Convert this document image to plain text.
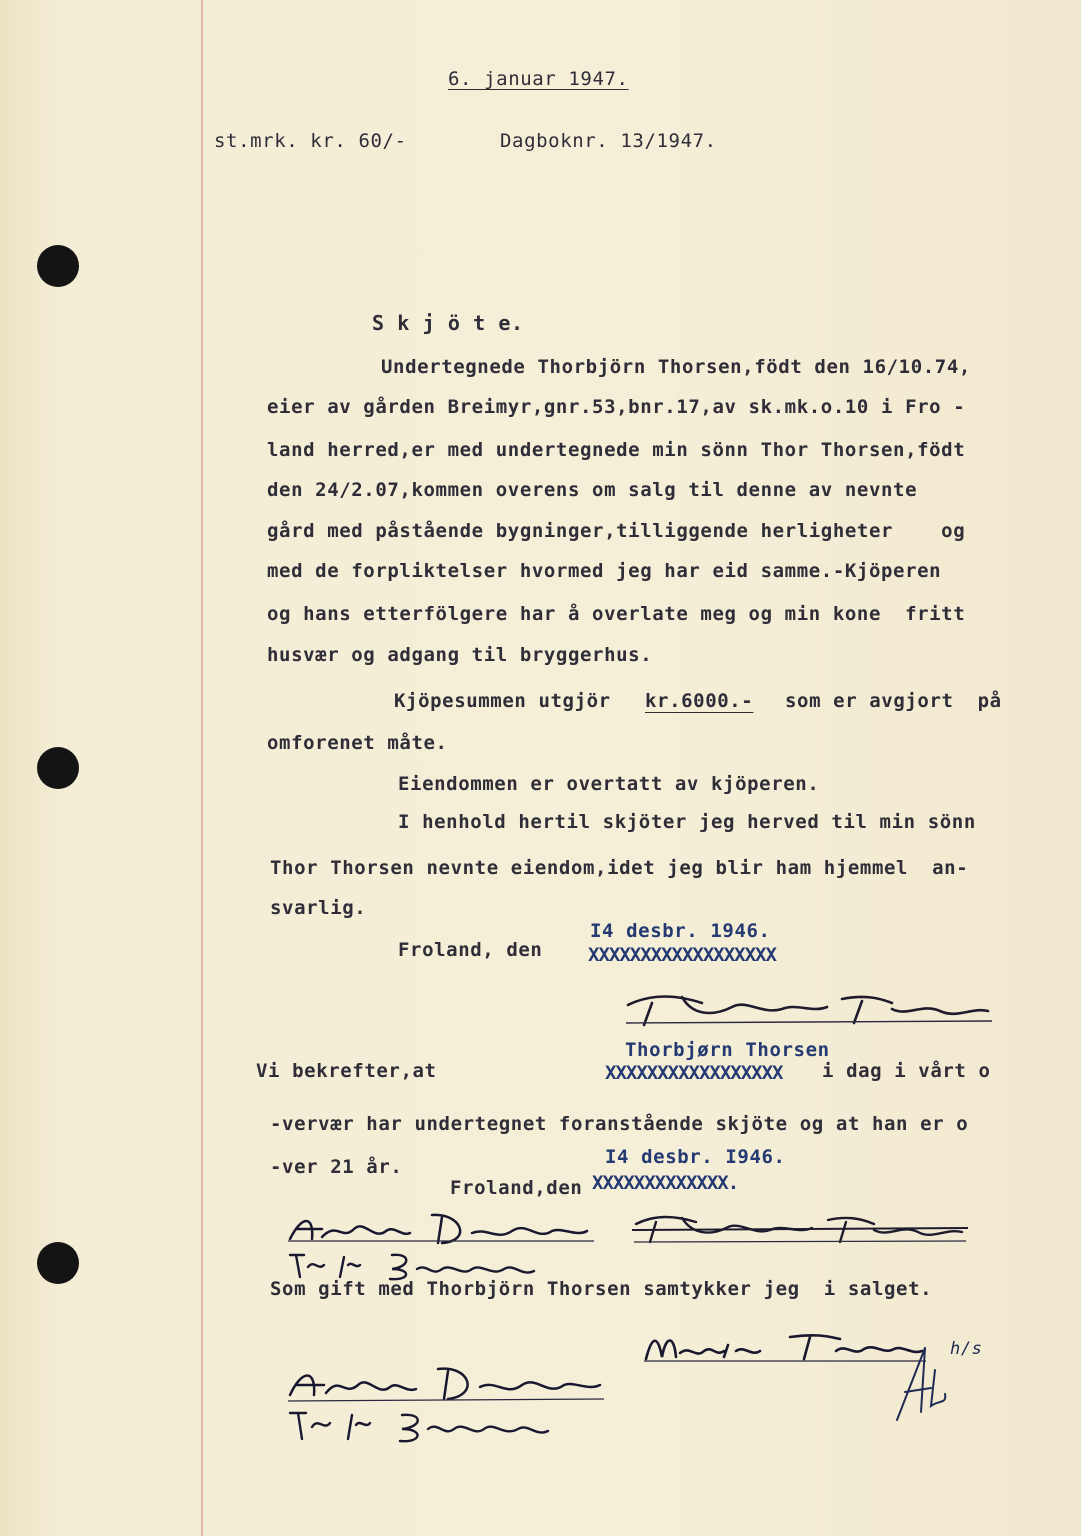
6. januar 1947.
st.mrk. kr. 60/-	Dagboknr. 13/1947.
S k j ö t e.
Undertegnede Thorbjörn Thorsen,födt den 16/10.74,
eier av gården Breimyr,gnr.53,bnr.17,av sk.mk.o.10 i Fro -
land herred,er med undertegnede min sönn Thor Thorsen,födt
den 24/2.07,kommen overens om salg til denne av nevnte
gård med påstående bygninger,tilliggende herligheter    og
med de forpliktelser hvormed jeg har eid samme.-Kjöperen
og hans etterfölgere har å overlate meg og min kone  fritt
husvær og adgang til bryggerhus.
Kjöpesummen utgjör kr.6000.- som er avgjort  på
omforenet måte.
Eiendommen er overtatt av kjöperen.
I henhold hertil skjöter jeg herved til min sönn
Thor Thorsen nevnte eiendom,idet jeg blir ham hjemmel  an-
svarlig.
Froland, den
I4 desbr. 1946.
XXXXXXXXXXXXXXXXXX
Thorbjørn Thorsen
Vi bekrefter,at	XXXXXXXXXXXXXXXXX i dag i vårt o
-vervær har undertegnet foranstående skjöte og at han er o
-ver 21 år.	I4 desbr. I946.
Froland,den XXXXXXXXXXXXX.
Som gift med Thorbjörn Thorsen samtykker jeg  i salget.
h/s
